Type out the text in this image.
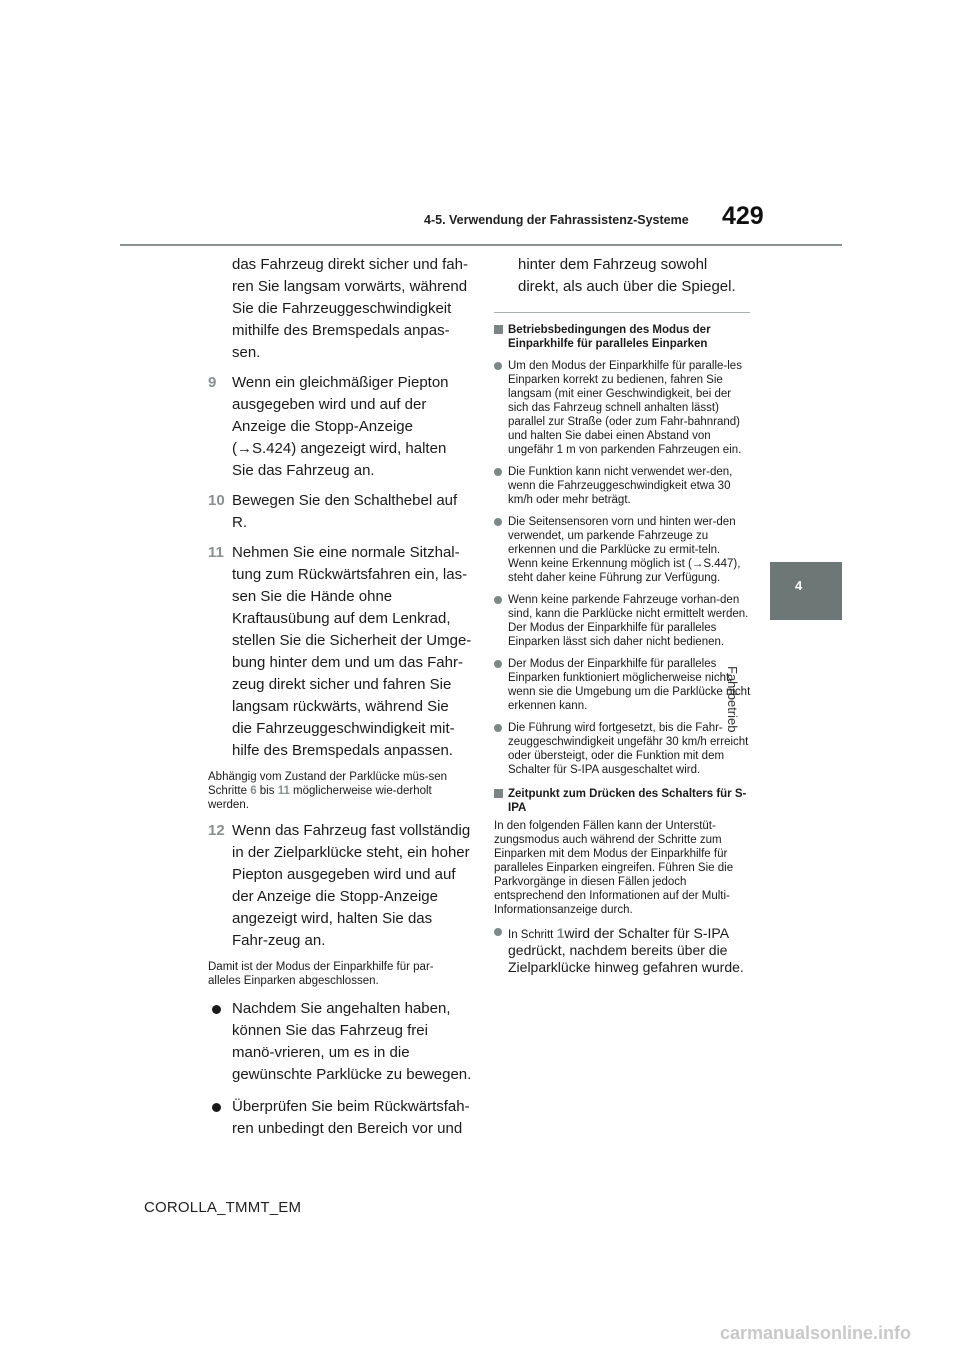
4-5. Verwendung der Fahrassistenz-Systeme 429
4
Fahrbetrieb

das Fahrzeug direkt sicher und fah-ren Sie langsam vorwärts, während Sie die Fahrzeuggeschwindigkeit mithilfe des Bremspedals anpas-sen.

9 Wenn ein gleichmäßiger Piepton ausgegeben wird und auf der Anzeige die Stopp-Anzeige (→S.424) angezeigt wird, halten Sie das Fahrzeug an.
10 Bewegen Sie den Schalthebel auf R.
11 Nehmen Sie eine normale Sitzhal-tung zum Rückwärtsfahren ein, las-sen Sie die Hände ohne Kraftausübung auf dem Lenkrad, stellen Sie die Sicherheit der Umge-bung hinter dem und um das Fahr-zeug direkt sicher und fahren Sie langsam rückwärts, während Sie die Fahrzeuggeschwindigkeit mit-hilfe des Bremspedals anpassen.
Abhängig vom Zustand der Parklücke müs-sen Schritte 6 bis 11 möglicherweise wie-derholt werden.
12 Wenn das Fahrzeug fast vollständig in der Zielparklücke steht, ein hoher Piepton ausgegeben wird und auf der Anzeige die Stopp-Anzeige angezeigt wird, halten Sie das Fahr-zeug an.
Damit ist der Modus der Einparkhilfe für par-alleles Einparken abgeschlossen.
Nachdem Sie angehalten haben, können Sie das Fahrzeug frei manö-vrieren, um es in die gewünschte Parklücke zu bewegen.
Überprüfen Sie beim Rückwärtsfah-ren unbedingt den Bereich vor und

hinter dem Fahrzeug sowohl direkt, als auch über die Spiegel.

Betriebsbedingungen des Modus der Einparkhilfe für paralleles Einparken
Um den Modus der Einparkhilfe für paralle-les Einparken korrekt zu bedienen, fahren Sie langsam (mit einer Geschwindigkeit, bei der sich das Fahrzeug schnell anhalten lässt) parallel zur Straße (oder zum Fahr-bahnrand) und halten Sie dabei einen Abstand von ungefähr 1 m von parkenden Fahrzeugen ein.
Die Funktion kann nicht verwendet wer-den, wenn die Fahrzeuggeschwindigkeit etwa 30 km/h oder mehr beträgt.
Die Seitensensoren vorn und hinten wer-den verwendet, um parkende Fahrzeuge zu erkennen und die Parklücke zu ermit-teln. Wenn keine Erkennung möglich ist (→S.447), steht daher keine Führung zur Verfügung.
Wenn keine parkende Fahrzeuge vorhan-den sind, kann die Parklücke nicht ermittelt werden. Der Modus der Einparkhilfe für paralleles Einparken lässt sich daher nicht bedienen.
Der Modus der Einparkhilfe für paralleles Einparken funktioniert möglicherweise nicht, wenn sie die Umgebung um die Parklücke nicht erkennen kann.
Die Führung wird fortgesetzt, bis die Fahr-zeuggeschwindigkeit ungefähr 30 km/h erreicht oder übersteigt, oder die Funktion mit dem Schalter für S-IPA ausgeschaltet wird.
Zeitpunkt zum Drücken des Schalters für S-IPA
In den folgenden Fällen kann der Unterstüt-zungsmodus auch während der Schritte zum Einparken mit dem Modus der Einparkhilfe für paralleles Einparken eingreifen. Führen Sie die Parkvorgänge in diesen Fällen jedoch entsprechend den Informationen auf der Multi-Informationsanzeige durch.
In Schritt 1wird der Schalter für S-IPA gedrückt, nachdem bereits über die Zielparklücke hinweg gefahren wurde.
COROLLA_TMMT_EM
carmanualsonline.info
